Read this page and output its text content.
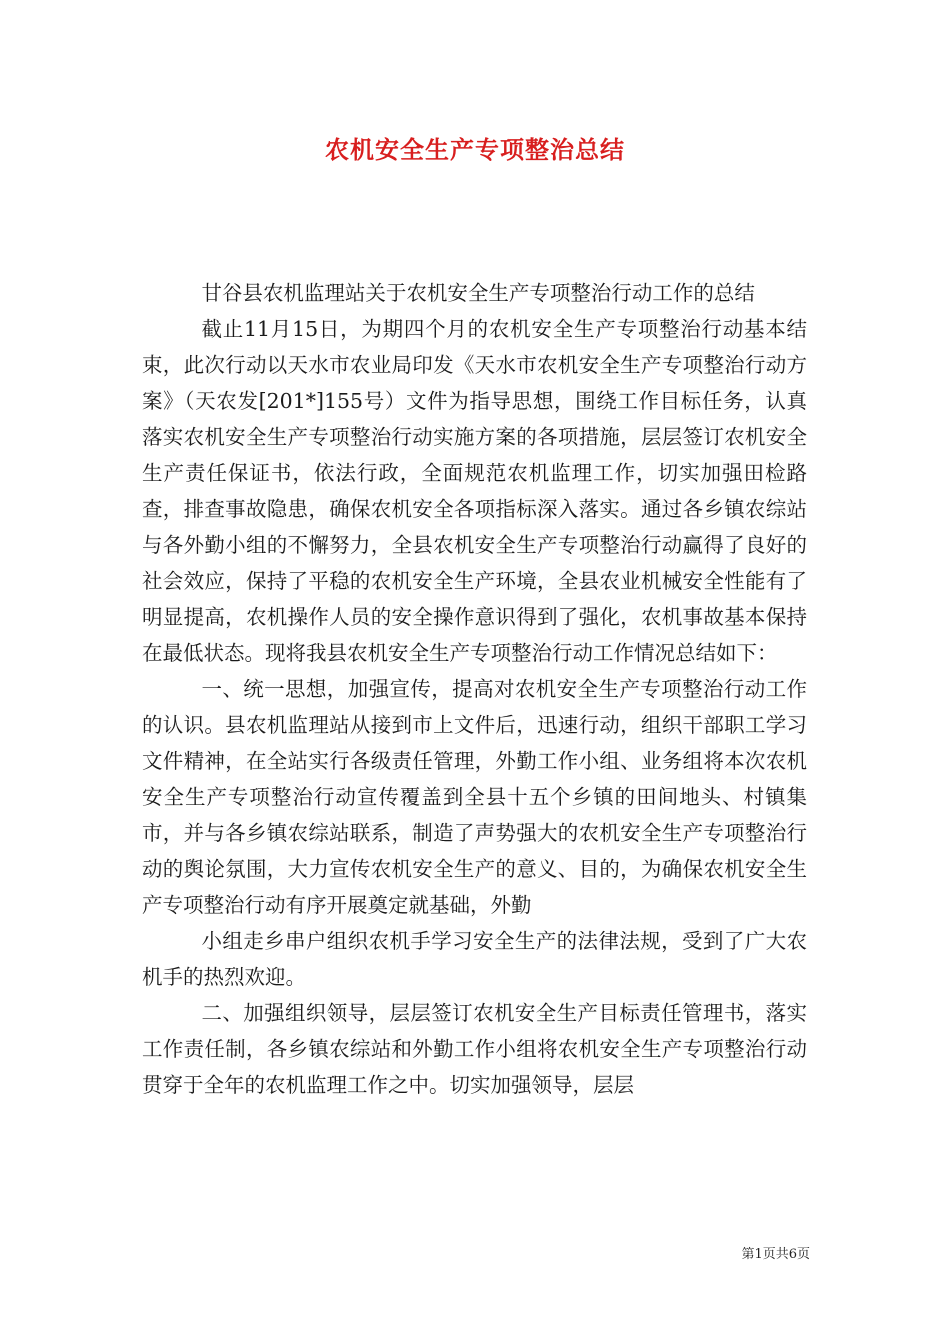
农机安全生产专项整治总结

甘谷县农机监理站关于农机安全生产专项整治行动工作的总结

截止11月15日，为期四个月的农机安全生产专项整治行动基本结束，此次行动以天水市农业局印发《天水市农机安全生产专项整治行动方案》（天农发[201*]155号）文件为指导思想，围绕工作目标任务，认真落实农机安全生产专项整治行动实施方案的各项措施，层层签订农机安全生产责任保证书，依法行政，全面规范农机监理工作，切实加强田检路查，排查事故隐患，确保农机安全各项指标深入落实。通过各乡镇农综站与各外勤小组的不懈努力，全县农机安全生产专项整治行动赢得了良好的社会效应，保持了平稳的农机安全生产环境，全县农业机械安全性能有了明显提高，农机操作人员的安全操作意识得到了强化，农机事故基本保持在最低状态。现将我县农机安全生产专项整治行动工作情况总结如下：

一、统一思想，加强宣传，提高对农机安全生产专项整治行动工作的认识。县农机监理站从接到市上文件后，迅速行动，组织干部职工学习文件精神，在全站实行各级责任管理，外勤工作小组、业务组将本次农机安全生产专项整治行动宣传覆盖到全县十五个乡镇的田间地头、村镇集市，并与各乡镇农综站联系，制造了声势强大的农机安全生产专项整治行动的舆论氛围，大力宣传农机安全生产的意义、目的，为确保农机安全生产专项整治行动有序开展奠定就基础，外勤

小组走乡串户组织农机手学习安全生产的法律法规，受到了广大农机手的热烈欢迎。

二、加强组织领导，层层签订农机安全生产目标责任管理书，落实工作责任制，各乡镇农综站和外勤工作小组将农机安全生产专项整治行动贯穿于全年的农机监理工作之中。切实加强领导，层层

第1页共6页
